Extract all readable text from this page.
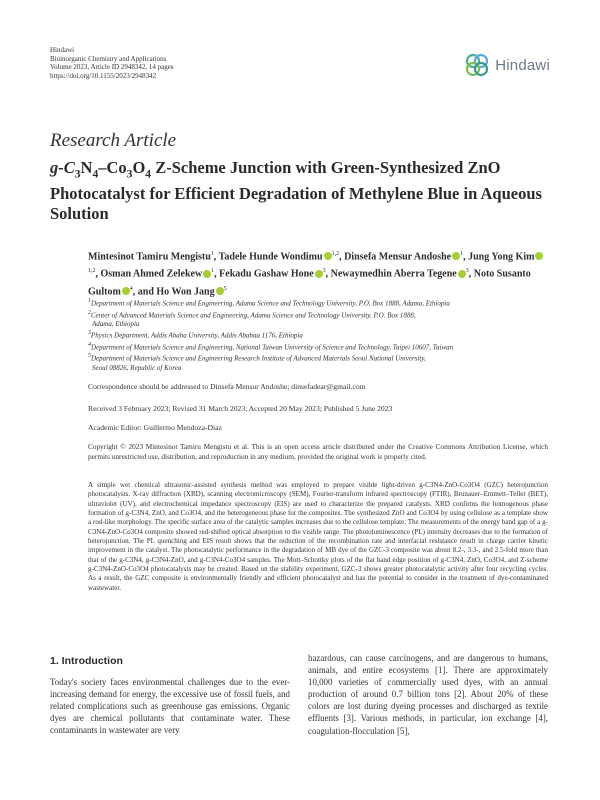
Hindawi
Bioinorganic Chemistry and Applications
Volume 2023, Article ID 2948342, 14 pages
https://doi.org/10.1155/2023/2948342
Hindawi
Research Article
$g-C_3N_4-Co_3O_4$ Z-Scheme Junction with Green-Synthesized ZnO Photocatalyst for Efficient Degradation of Methylene Blue in Aqueous Solution
Mintesinot Tamiru Mengistu$^1$, Tadele Hunde Wondimu $^{1,2}$, Dinsefa Mensur Andoshe $^1$, Jung Yong Kim$^{1,2}$, Osman Ahmed Zelekew $^1$, Fekadu Gashaw Hone $^3$, Newaymedhin Aberra Tegene $^3$, Noto Susanto Gultom $^4$, and Ho Won Jang $^5$
$^1$Department of Materials Science and Engineering, Adama Science and Technology University, P.O. Box 1888, Adama, Ethiopia
$^2$Center of Advanced Materials Science and Engineering, Adama Science and Technology University, P.O. Box 1888,
Adama, Ethiopia
$^3$Physics Department, Addis Ababa University, Addis Ababaa 1176, Ethiopia
$^4$Department of Materials Science and Engineering, National Taiwan University of Science and Technology, Taipei 10607, Taiwan
$^5$Department of Materials Science and Engineering Research Institute of Advanced Materials Seoul National University,
Seoul 08826, Republic of Korea
Correspondence should be addressed to Dinsefa Mensur Andoshe; dinsefadear@gmail.com
Received 3 February 2023; Revised 31 March 2023; Accepted 20 May 2023; Published 5 June 2023
Academic Editor: Guillermo Mendoza-Diaz
Copyright © 2023 Mintesinot Tamiru Mengistu et al. This is an open access article distributed under the Creative Commons Attribution License, which permits unrestricted use, distribution, and reproduction in any medium, provided the original work is properly cited.
A simple wet chemical ultrasonic-assisted synthesis method was employed to prepare visible light-driven g-C3N4-ZnO-Co3O4 (GZC) heterojunction photocatalysts. X-ray diffraction (XRD), scanning electromicroscopy (SEM), Fourier-transform infrared spectroscopy (FTIR), Brunauer–Emmett–Teller (BET), ultraviolet (UV), and electrochemical impedance spectroscopy (EIS) are used to characterize the prepared catalysts. XRD confirms the homogenous phase formation of g-C3N4, ZnO, and Co3O4, and the heterogeneous phase for the composites. The synthesized ZnO and Co3O4 by using cellulose as a template show a rod-like morphology. The specific surface area of the catalytic samples increases due to the cellulose template. The measurements of the energy band gap of a g-C3N4-ZnO-Co3O4 composite showed red-shifted optical absorption to the visible range. The photoluminescence (PL) intensity decreases due to the formation of heterojunction. The PL quenching and EIS result shows that the reduction of the recombination rate and interfacial resistance result in charge carrier kinetic improvement in the catalyst. The photocatalytic performance in the degradation of MB dye of the GZC-3 composite was about 8.2-, 3.3-, and 2.5-fold more than that of the g-C3N4, g-C3N4-ZnO, and g-C3N4-Co3O4 samples. The Mott–Schottky plots of the flat band edge position of g-C3N4, ZnO, Co3O4, and Z-scheme g-C3N4-ZnO-Co3O4 photocatalysts may be created. Based on the stability experiment, GZC-3 shows greater photocatalytic activity after four recycling cycles. As a result, the GZC composite is environmentally friendly and efficient photocatalyst and has the potential to consider in the treatment of dye-contaminated wastewater.
1. Introduction
Today's society faces environmental challenges due to the ever-increasing demand for energy, the excessive use of fossil fuels, and related complications such as greenhouse gas emissions. Organic dyes are chemical pollutants that contaminate water. These contaminants in wastewater are very
hazardous, can cause carcinogens, and are dangerous to humans, animals, and entire ecosystems [1]. There are approximately 10,000 varieties of commercially used dyes, with an annual production of around 0.7 billion tons [2]. About 20% of these colors are lost during dyeing processes and discharged as textile effluents [3]. Various methods, in particular, ion exchange [4], coagulation-flocculation [5],
